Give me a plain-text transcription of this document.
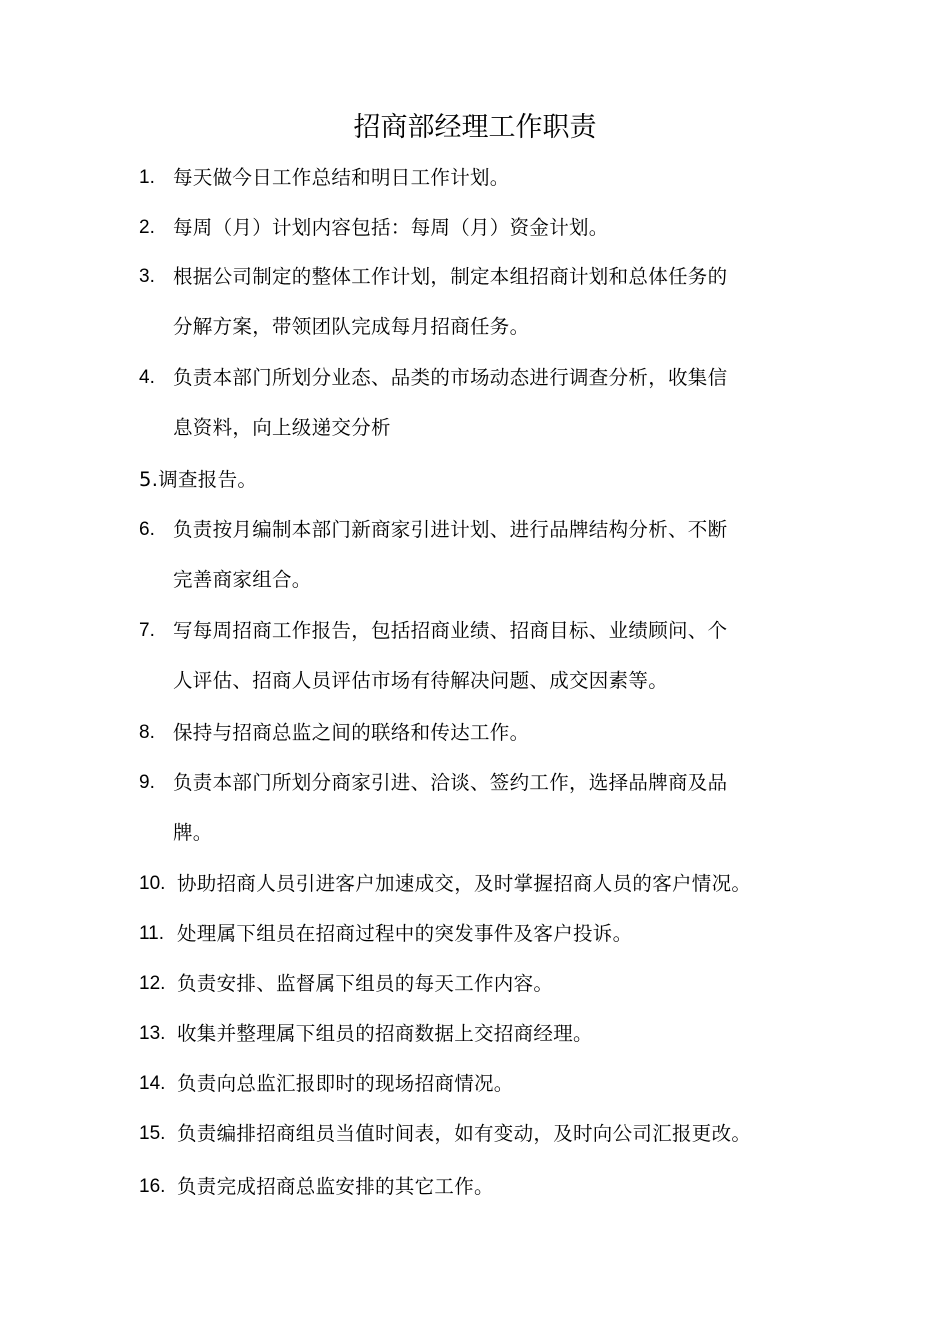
招商部经理工作职责
1. 每天做今日工作总结和明日工作计划。
2. 每周（月）计划内容包括：每周（月）资金计划。
3. 根据公司制定的整体工作计划，制定本组招商计划和总体任务的
分解方案，带领团队完成每月招商任务。
4. 负责本部门所划分业态、品类的市场动态进行调查分析，收集信
息资料，向上级递交分析
5.调查报告。
6. 负责按月编制本部门新商家引进计划、进行品牌结构分析、不断
完善商家组合。
7. 写每周招商工作报告，包括招商业绩、招商目标、业绩顾问、个
人评估、招商人员评估市场有待解决问题、成交因素等。
8. 保持与招商总监之间的联络和传达工作。
9. 负责本部门所划分商家引进、洽谈、签约工作，选择品牌商及品
牌。
10. 协助招商人员引进客户加速成交，及时掌握招商人员的客户情况。
11. 处理属下组员在招商过程中的突发事件及客户投诉。
12. 负责安排、监督属下组员的每天工作内容。
13. 收集并整理属下组员的招商数据上交招商经理。
14. 负责向总监汇报即时的现场招商情况。
15. 负责编排招商组员当值时间表，如有变动，及时向公司汇报更改。
16. 负责完成招商总监安排的其它工作。
